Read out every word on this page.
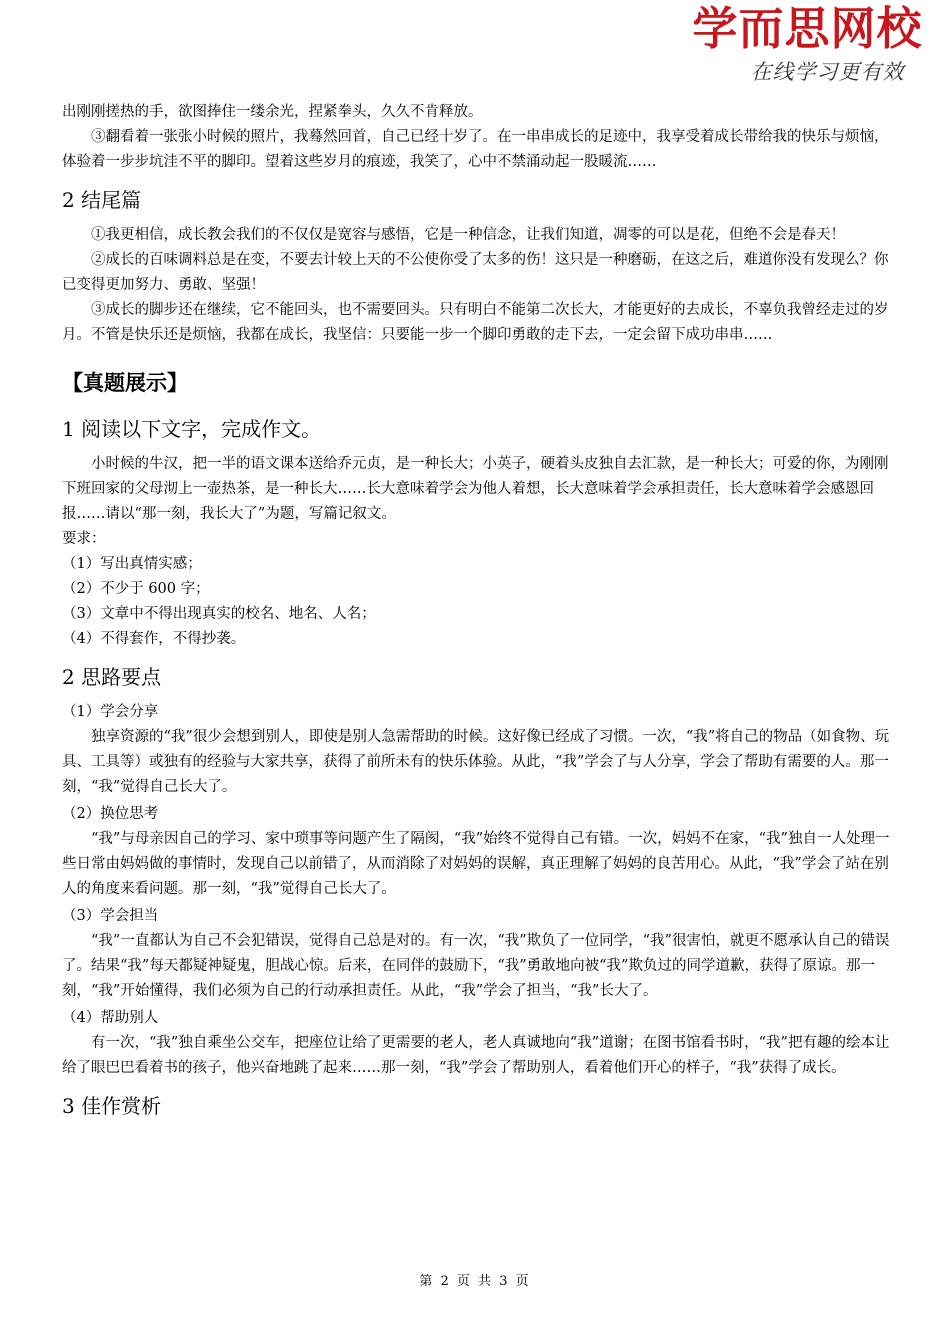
学而思网校
在线学习更有效

出刚刚搓热的手，欲图捧住一缕余光，捏紧拳头，久久不肯释放。

③翻看着一张张小时候的照片，我蓦然回首，自己已经十岁了。在一串串成长的足迹中，我享受着成长带给我的快乐与烦恼，体验着一步步坑洼不平的脚印。望着这些岁月的痕迹，我笑了，心中不禁涌动起一股暖流……

2 结尾篇

①我更相信，成长教会我们的不仅仅是宽容与感悟，它是一种信念，让我们知道，凋零的可以是花，但绝不会是春天！

②成长的百味调料总是在变，不要去计较上天的不公使你受了太多的伤！这只是一种磨砺，在这之后，难道你没有发现么？你已变得更加努力、勇敢、坚强！

③成长的脚步还在继续，它不能回头，也不需要回头。只有明白不能第二次长大，才能更好的去成长，不辜负我曾经走过的岁月。不管是快乐还是烦恼，我都在成长，我坚信：只要能一步一个脚印勇敢的走下去，一定会留下成功串串……

【真题展示】
1 阅读以下文字，完成作文。

小时候的牛汉，把一半的语文课本送给乔元贞，是一种长大；小英子，硬着头皮独自去汇款，是一种长大；可爱的你，为刚刚下班回家的父母沏上一壶热茶，是一种长大……长大意味着学会为他人着想，长大意味着学会承担责任，长大意味着学会感恩回报……请以“那一刻，我长大了”为题，写篇记叙文。

要求：

（1）写出真情实感；

（2）不少于 600 字；

（3）文章中不得出现真实的校名、地名、人名；

（4）不得套作，不得抄袭。

2 思路要点

（1）学会分享

独享资源的“我”很少会想到别人，即使是别人急需帮助的时候。这好像已经成了习惯。一次，“我”将自己的物品（如食物、玩具、工具等）或独有的经验与大家共享，获得了前所未有的快乐体验。从此，“我”学会了与人分享，学会了帮助有需要的人。那一刻，“我”觉得自己长大了。

（2）换位思考

“我”与母亲因自己的学习、家中琐事等问题产生了隔阂，“我”始终不觉得自己有错。一次，妈妈不在家，“我”独自一人处理一些日常由妈妈做的事情时，发现自己以前错了，从而消除了对妈妈的误解，真正理解了妈妈的良苦用心。从此，“我”学会了站在别人的角度来看问题。那一刻，“我”觉得自己长大了。

（3）学会担当

“我”一直都认为自己不会犯错误，觉得自己总是对的。有一次，“我”欺负了一位同学，“我”很害怕，就更不愿承认自己的错误了。结果“我”每天都疑神疑鬼，胆战心惊。后来，在同伴的鼓励下，“我”勇敢地向被“我”欺负过的同学道歉，获得了原谅。那一刻，“我”开始懂得，我们必须为自己的行动承担责任。从此，“我”学会了担当，“我”长大了。

（4）帮助别人

有一次，“我”独自乘坐公交车，把座位让给了更需要的老人，老人真诚地向“我”道谢；在图书馆看书时，“我”把有趣的绘本让给了眼巴巴看着书的孩子，他兴奋地跳了起来……那一刻，“我”学会了帮助别人，看着他们开心的样子，“我”获得了成长。

3 佳作赏析
第 2 页 共 3 页
